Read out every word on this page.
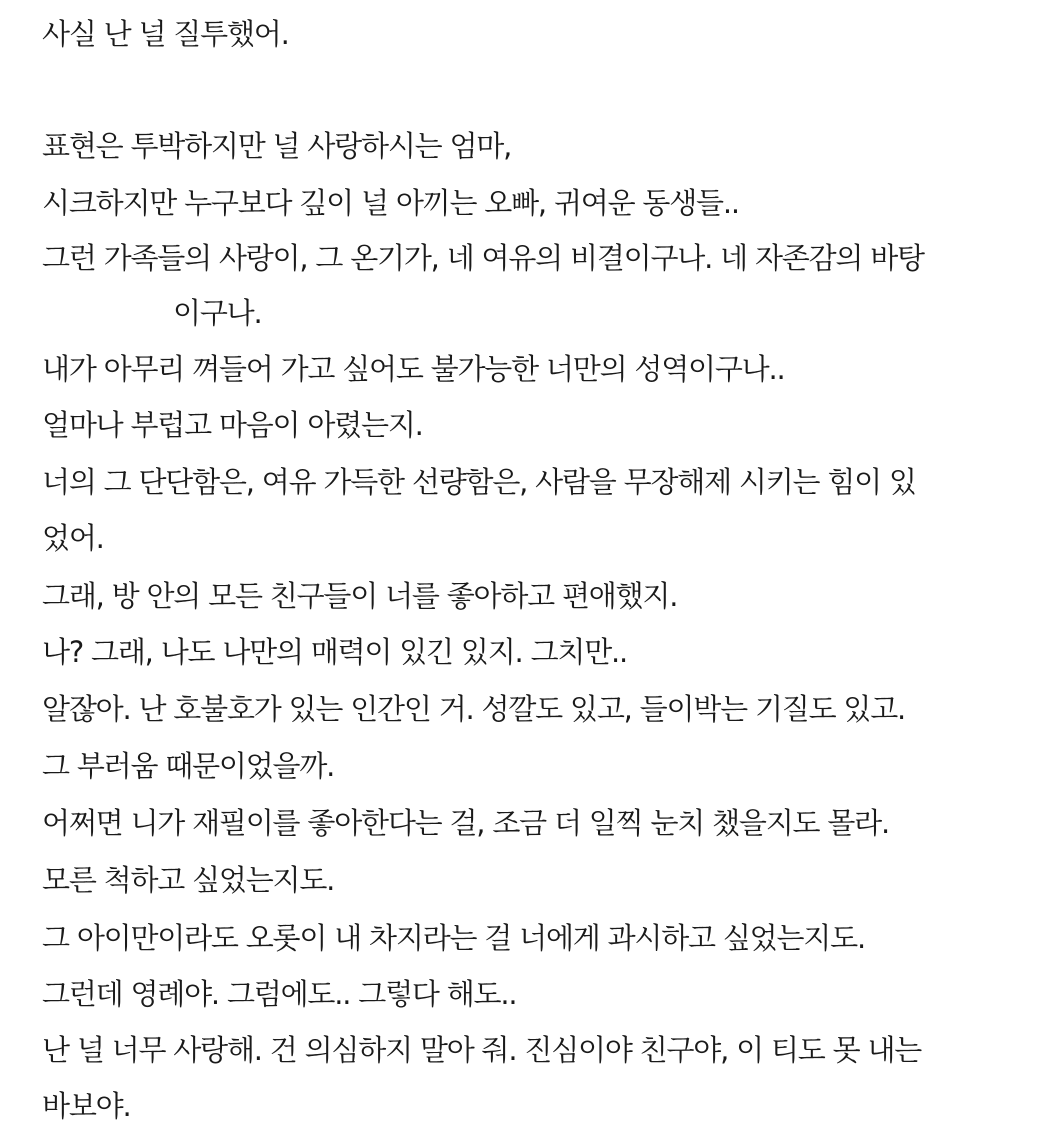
사실 난 널 질투했어.
표현은 투박하지만 널 사랑하시는 엄마,
시크하지만 누구보다 깊이 널 아끼는 오빠, 귀여운 동생들..
그런 가족들의 사랑이, 그 온기가, 네 여유의 비결이구나. 네 자존감의 바탕
이구나.
내가 아무리 껴들어 가고 싶어도 불가능한 너만의 성역이구나..
얼마나 부럽고 마음이 아렸는지.
너의 그 단단함은, 여유 가득한 선량함은, 사람을 무장해제 시키는 힘이 있
었어.
그래, 방 안의 모든 친구들이 너를 좋아하고 편애했지.
나? 그래, 나도 나만의 매력이 있긴 있지. 그치만..
알잖아. 난 호불호가 있는 인간인 거. 성깔도 있고, 들이박는 기질도 있고.
그 부러움 때문이었을까.
어쩌면 니가 재필이를 좋아한다는 걸, 조금 더 일찍 눈치 챘을지도 몰라.
모른 척하고 싶었는지도.
그 아이만이라도 오롯이 내 차지라는 걸 너에게 과시하고 싶었는지도.
그런데 영례야. 그럼에도.. 그렇다 해도..
난 널 너무 사랑해. 건 의심하지 말아 줘. 진심이야 친구야, 이 티도 못 내는
바보야.
